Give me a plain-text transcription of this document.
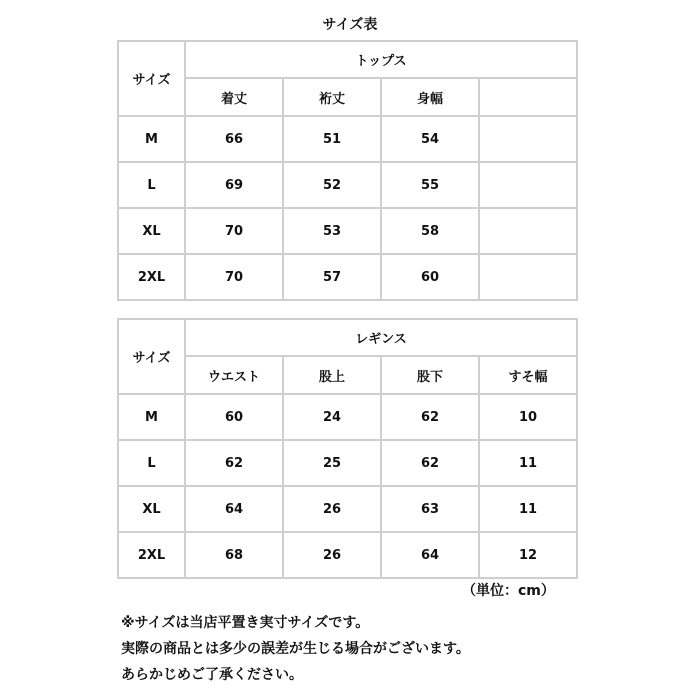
サイズ表
サイズ	トップス			
	着丈	裄丈	身幅	
M	66	51	54	
L	69	52	55	
XL	70	53	58	
2XL	70	57	60	
サイズ	レギンス			
	ウエスト	股上	股下	すそ幅
M	60	24	62	10
L	62	25	62	11
XL	64	26	63	11
2XL	68	26	64	12
（単位：cm）
※サイズは当店平置き実寸サイズです。
実際の商品とは多少の誤差が生じる場合がございます。
あらかじめご了承ください。
